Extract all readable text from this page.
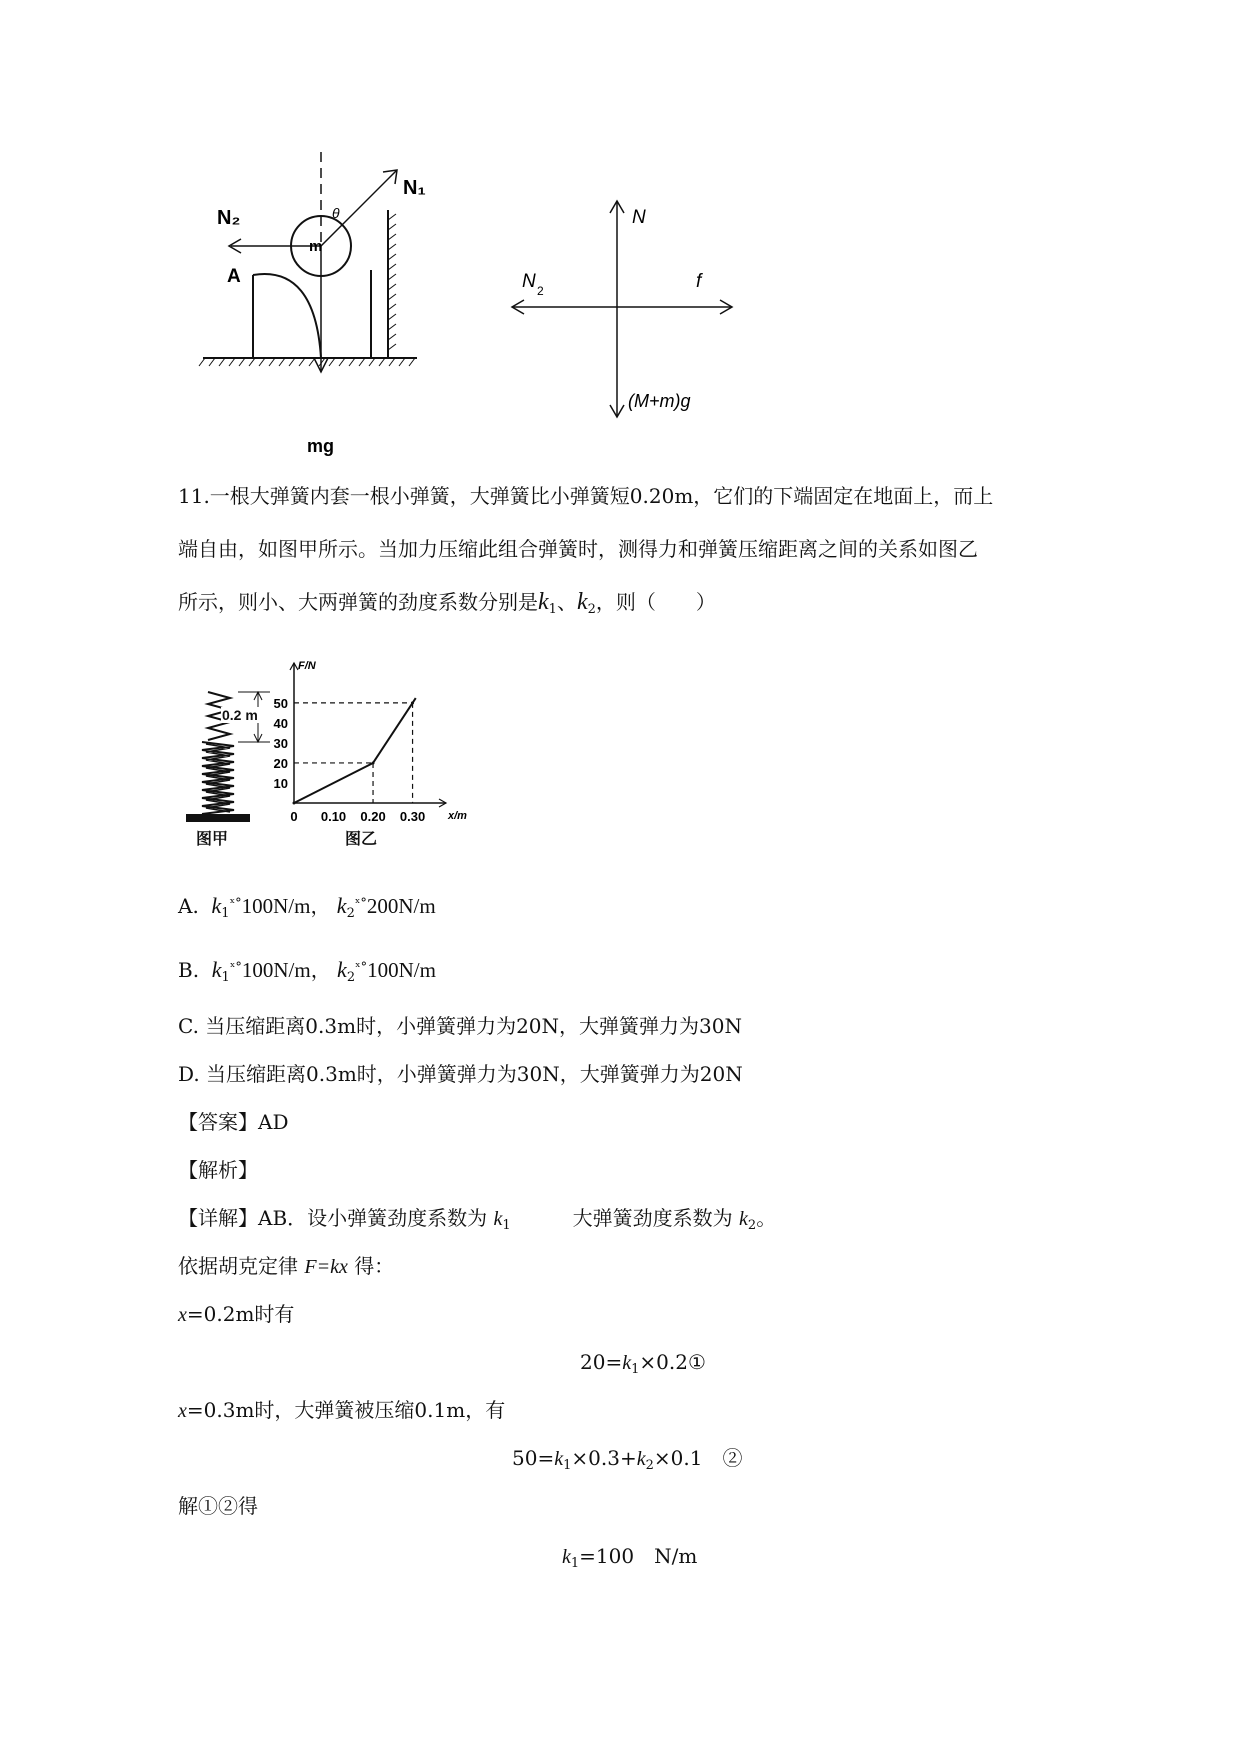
N₁
N₂	θ
m
A
mg
N
N 2	f
(M+m)g
11.一根大弹簧内套一根小弹簧，大弹簧比小弹簧短0.20m，它们的下端固定在地面上，而上
端自由，如图甲所示。当加力压缩此组合弹簧时，测得力和弹簧压缩距离之间的关系如图乙
所示，则小、大两弹簧的劲度系数分别是$k_1$、$k_2$，则（　　）
0.2 m
图甲
F/N
x/m
10
20
30
40
50
0 0.10 0.20 0.30
图乙
A. $k_1^{ˣ^\circ}100N/m$， $k_2^{ˣ^\circ}200N/m$
B. $k_1^{ˣ^\circ}100N/m$， $k_2^{ˣ^\circ}100N/m$
C. 当压缩距离0.3m时，小弹簧弹力为20N，大弹簧弹力为30N
D. 当压缩距离0.3m时，小弹簧弹力为30N，大弹簧弹力为20N
【答案】AD
【解析】
【详解】AB．设小弹簧劲度系数为 $k_1$	大弹簧劲度系数为 $k_2$。
依据胡克定律 F=kx 得：
x=0.2m时有
$20=k_1\times 0.2①$
x=0.3m时，大弹簧被压缩0.1m，有
$50=k_1\times 0.3+k_2\times 0.1$　②
解①②得
$k_1=100$　N/m
